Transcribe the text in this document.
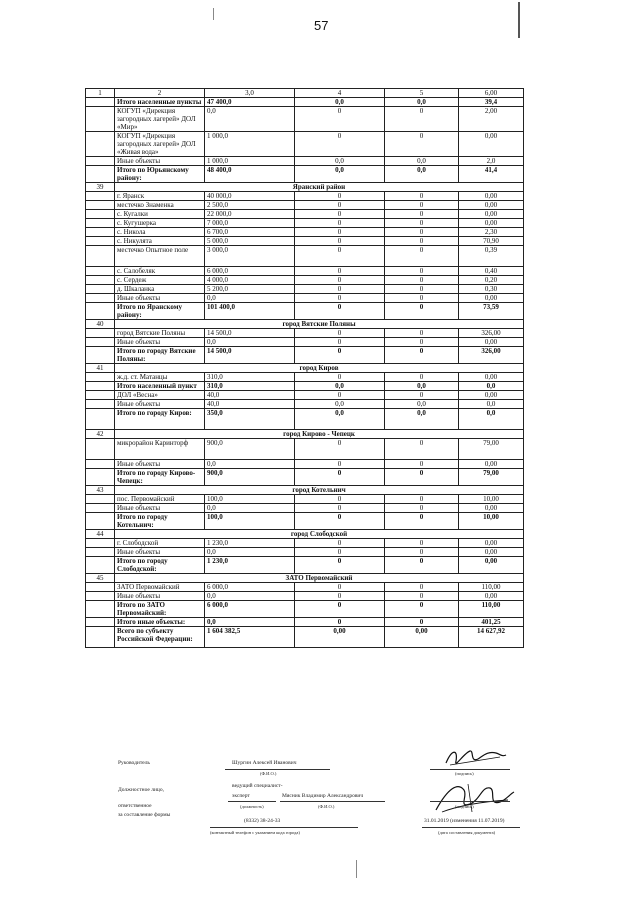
57
1	2	3,0	4	5	6,00
	Итого населенные пункты	47 400,0	0,0	0,0	39,4
	КОГУП «Дирекция загородных лагерей» ДОЛ «Мир»	0,0	0	0	2,00
	КОГУП «Дирекция загородных лагерей» ДОЛ «Живая вода»	1 000,0	0	0	0,00
	Иные объекты	1 000,0	0,0	0,0	2,0
	Итого по Юрьянскому району:	48 400,0	0,0	0,0	41,4
39	Яранский район				
	г. Яранск	40 000,0	0	0	0,00
	местечко Знаменка	2 500,0	0	0	0,00
	с. Кугалки	22 000,0	0	0	0,00
	с. Кугушерка	7 000,0	0	0	0,00
	с. Никола	6 700,0	0	0	2,30
	с. Никулята	5 000,0	0	0	70,90
	местечко Опытное поле	3 000,0	0	0	0,39
	с. Салобеляк	6 000,0	0	0	0,40
	с. Сердеж	4 000,0	0	0	0,20
	д. Шкаланка	5 200,0	0	0	0,30
	Иные объекты	0,0	0	0	0,00
	Итого по Яранскому району:	101 400,0	0	0	73,59
40	город Вятские Поляны				
	город Вятские Поляны	14 500,0	0	0	326,00
	Иные объекты	0,0	0	0	0,00
	Итого по городу Вятские Поляны:	14 500,0	0	0	326,00
41	город Киров				
	ж.д. ст. Матанцы	310,0	0	0	0,00
	Итого населенный пункт	310,0	0,0	0,0	0,0
	ДОЛ «Веснa»	40,0	0	0	0,00
	Иные объекты	40,0	0,0	0,0	0,0
	Итого по городу Киров:	350,0	0,0	0,0	0,0
42	город Кирово - Чепецк				
	микрорайон Каринторф	900,0	0	0	79,00
	Иные объекты	0,0	0	0	0,00
	Итого по городу Кирово-Чепецк:	900,0	0	0	79,00
43	город Котельнич				
	пос. Первомайский	100,0	0	0	10,00
	Иные объекты	0,0	0	0	0,00
	Итого по городу Котельнич:	100,0	0	0	10,00
44	город Слободской				
	г. Слободской	1 230,0	0	0	0,00
	Иные объекты	0,0	0	0	0,00
	Итого по городу Слободской:	1 230,0	0	0	0,00
45	ЗАТО Первомайский				
	ЗАТО Первомайский	6 000,0	0	0	110,00
	Иные объекты	0,0	0	0	0,00
	Итого по ЗАТО Первомайский:	6 000,0	0	0	110,00
	Итого иные объекты:	0,0	0	0	401,25
	Всего по субъекту Российской Федерации:	1 604 382,5	0,00	0,00	14 627,92
Руководитель	Шургин Алексей Иванович
(Ф.И.О.)	(подпись)
Должностное лицо,
ответственное
за составление формы
ведущий специалист-
эксперт
(должность)
Мясник Владимир Александрович
(Ф.И.О.)	(подпись)
(8332) 38-24-33
(контактный телефон с указанием кода города)
31.01.2019 (изменения 11.07.2019)
(дата составления документа)
